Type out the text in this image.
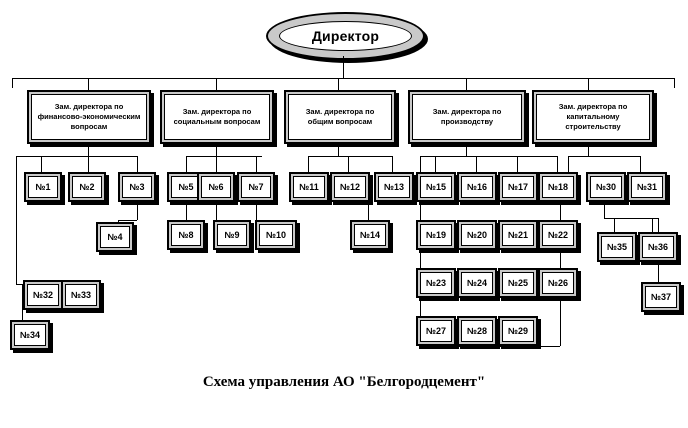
Директор
Зам. директора по финансово-экономическим вопросам
Зам. директора по социальным вопросам
Зам. директора по общим вопросам
Зам. директора по производству
Зам. директора по капитальному строительству
№1	№2	№3
№4
№5 №6	№7
№8	№9	№10
№11 №12	№13
№14
№15 №16 №17 №18
№19 №20 №21 №22
№23 №24 №25 №26
№27 №28 №29
№30 №31
№35 №36
№37
№32 №33
№34
Схема управления АО "Белгородцемент"
